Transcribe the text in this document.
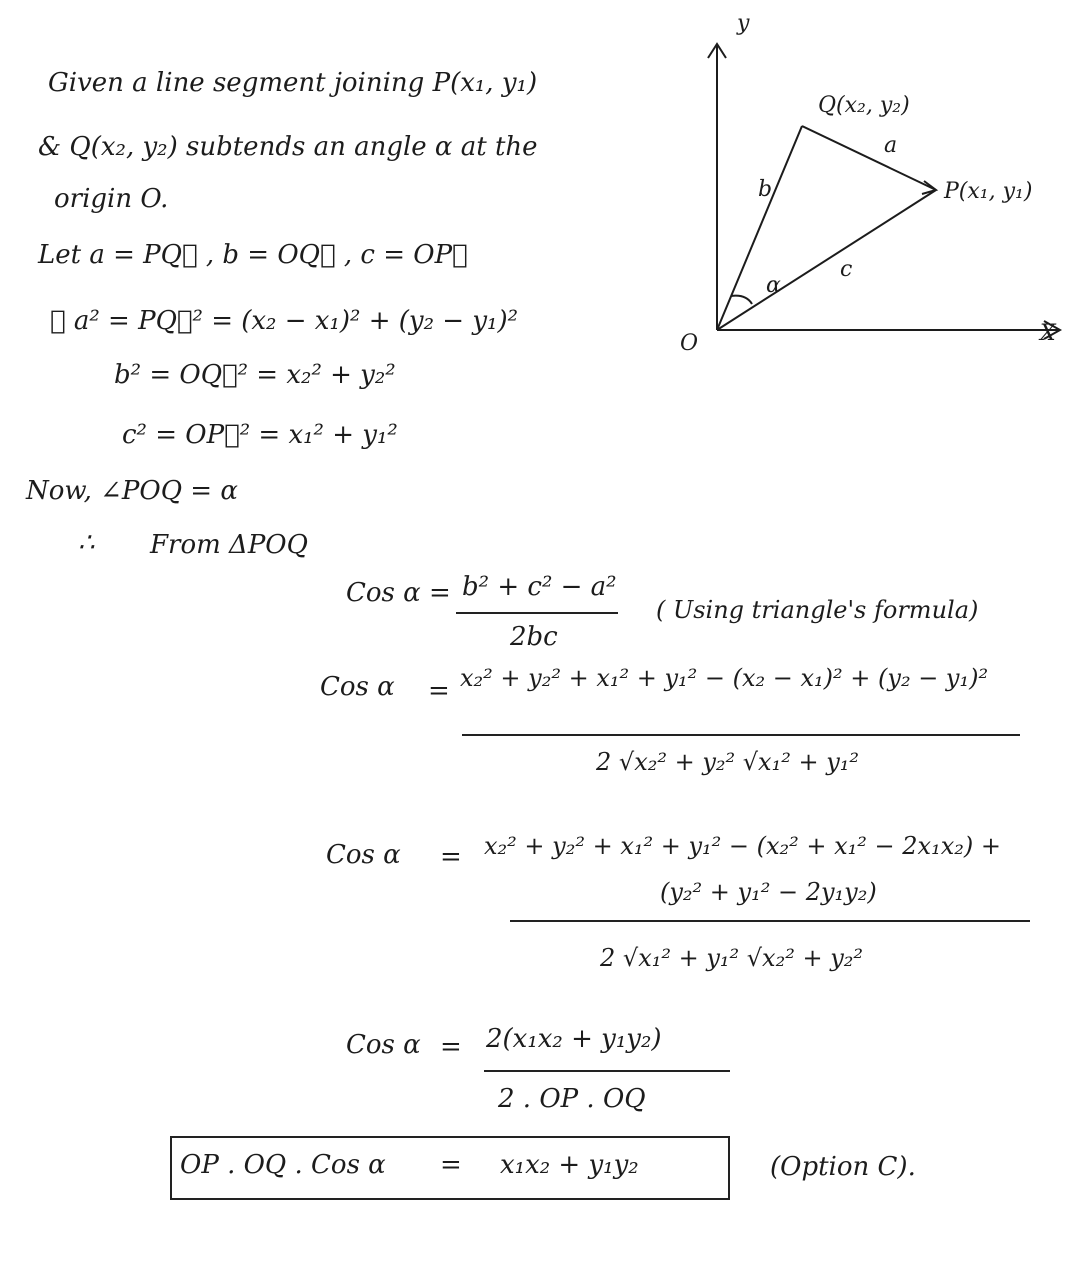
Given a line segment joining P(x₁, y₁)
& Q(x₂, y₂) subtends an angle α at the
origin O.
Let a = PQ⃗ , b = OQ⃗ , c = OP⃗
∴ a² = PQ⃗² = (x₂ − x₁)² + (y₂ − y₁)²
b² = OQ⃗² = x₂² + y₂²
c² = OP⃗² = x₁² + y₁²
Now, ∠POQ = α
∴ From ΔPOQ
Cos α = b² + c² − a²
2bc
( Using triangle's formula)
Cos α = x₂² + y₂² + x₁² + y₁² − (x₂ − x₁)² + (y₂ − y₁)²
2 √x₂² + y₂² √x₁² + y₁²
Cos α = x₂² + y₂² + x₁² + y₁² − (x₂² + x₁² − 2x₁x₂) +
(y₂² + y₁² − 2y₁y₂)
2 √x₁² + y₁² √x₂² + y₂²
Cos α = 2(x₁x₂ + y₁y₂)
2 . OP . OQ
OP . OQ . Cos α = x₁x₂ + y₁y₂	(Option C).
y
X
O
Q(x₂, y₂)
P(x₁, y₁)
a
b
c
α
